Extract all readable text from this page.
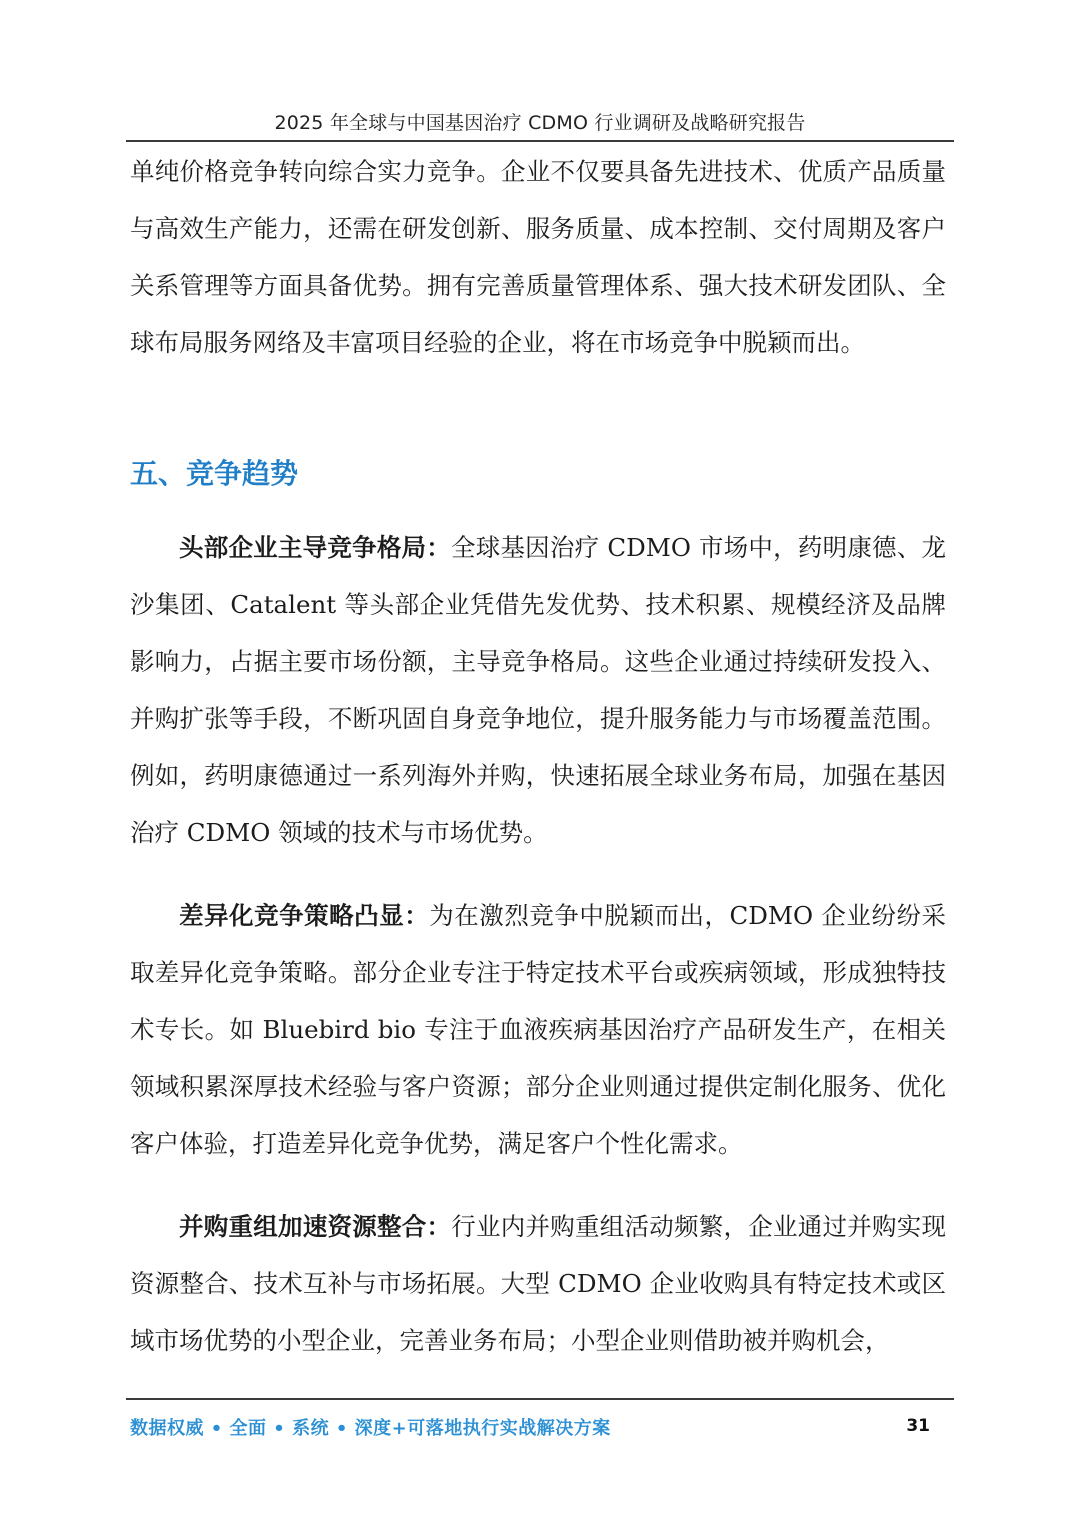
2025 年全球与中国基因治疗 CDMO 行业调研及战略研究报告

单纯价格竞争转向综合实力竞争。企业不仅要具备先进技术、优质产品质量与高效生产能力，还需在研发创新、服务质量、成本控制、交付周期及客户关系管理等方面具备优势。拥有完善质量管理体系、强大技术研发团队、全球布局服务网络及丰富项目经验的企业，将在市场竞争中脱颖而出。

五、竞争趋势

头部企业主导竞争格局：全球基因治疗 CDMO 市场中，药明康德、龙沙集团、Catalent 等头部企业凭借先发优势、技术积累、规模经济及品牌影响力，占据主要市场份额，主导竞争格局。这些企业通过持续研发投入、并购扩张等手段，不断巩固自身竞争地位，提升服务能力与市场覆盖范围。例如，药明康德通过一系列海外并购，快速拓展全球业务布局，加强在基因治疗 CDMO 领域的技术与市场优势。

差异化竞争策略凸显：为在激烈竞争中脱颖而出，CDMO 企业纷纷采取差异化竞争策略。部分企业专注于特定技术平台或疾病领域，形成独特技术专长。如 Bluebird bio 专注于血液疾病基因治疗产品研发生产，在相关领域积累深厚技术经验与客户资源；部分企业则通过提供定制化服务、优化客户体验，打造差异化竞争优势，满足客户个性化需求。

并购重组加速资源整合：行业内并购重组活动频繁，企业通过并购实现资源整合、技术互补与市场拓展。大型 CDMO 企业收购具有特定技术或区域市场优势的小型企业，完善业务布局；小型企业则借助被并购机会，

数据权威 • 全面 • 系统 • 深度+可落地执行实战解决方案	31
